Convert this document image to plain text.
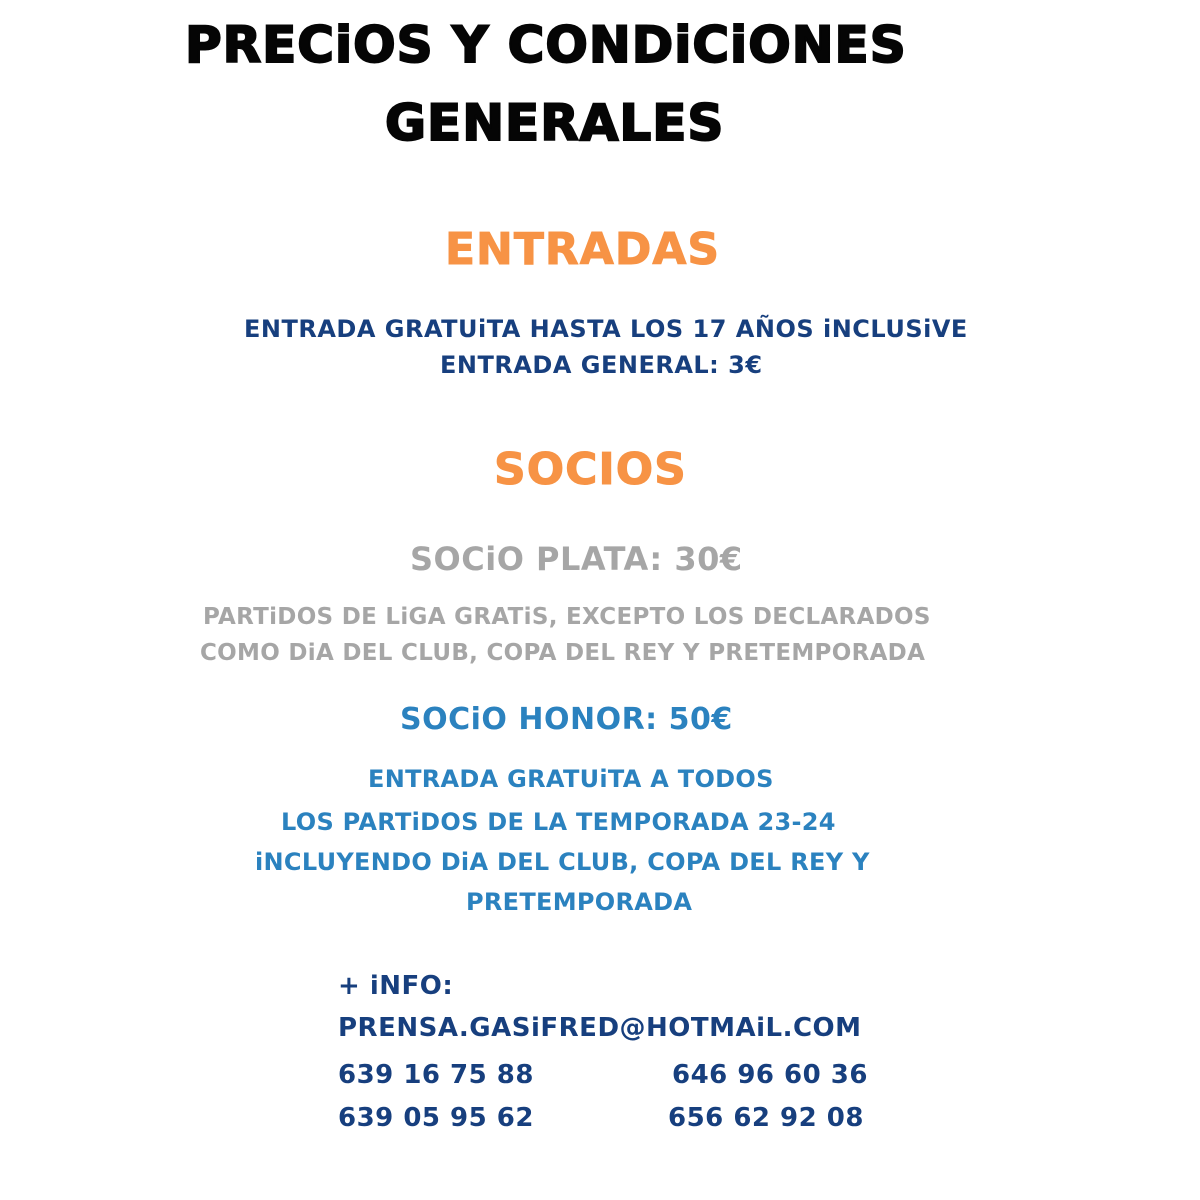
PRECiOS Y CONDiCiONES
GENERALES
ENTRADAS
ENTRADA GRATUiTA HASTA LOS 17 AÑOS iNCLUSiVE
ENTRADA GENERAL: 3€
SOCIOS
SOCiO PLATA: 30€
PARTiDOS DE LiGA GRATiS, EXCEPTO LOS DECLARADOS
COMO DiA DEL CLUB, COPA DEL REY Y PRETEMPORADA
SOCiO HONOR: 50€
ENTRADA GRATUiTA A TODOS
LOS PARTiDOS DE LA TEMPORADA 23-24
iNCLUYENDO DiA DEL CLUB, COPA DEL REY Y
PRETEMPORADA
+ iNFO:
PRENSA.GASiFRED@HOTMAiL.COM
639 16 75 88	646 96 60 36
639 05 95 62	656 62 92 08
